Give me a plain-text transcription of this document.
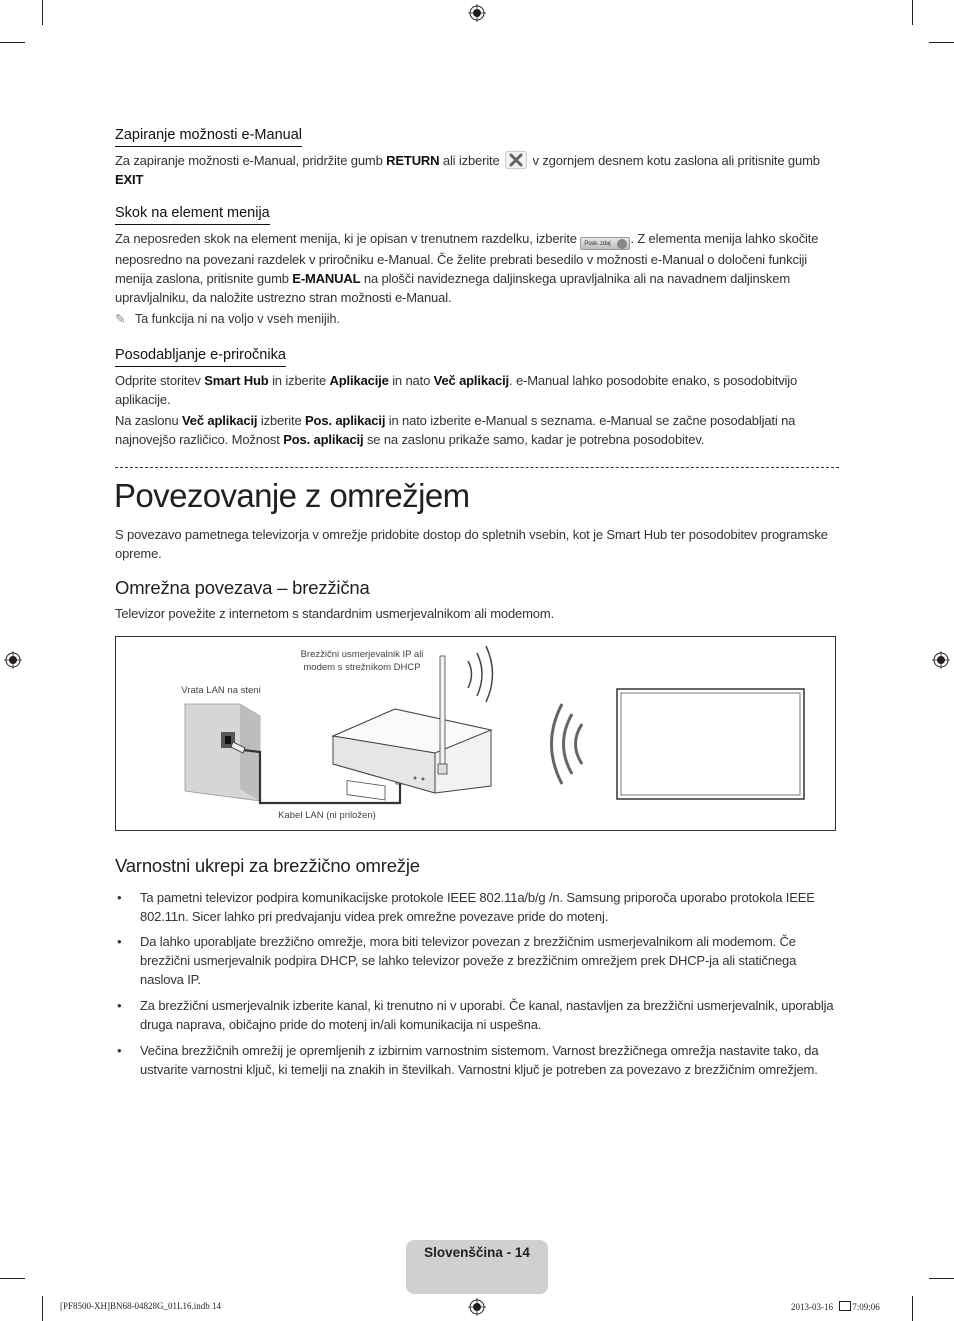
Zapiranje možnosti e-Manual
Za zapiranje možnosti e-Manual, pridržite gumb RETURN ali izberite  v zgornjem desnem kotu zaslona ali pritisnite gumb
EXIT
Skok na element menija
Za neposreden skok na element menija, ki je opisan v trenutnem razdelku, izberite Posk. zdaj . Z elementa menija lahko skočite neposredno na povezani razdelek v priročniku e-Manual. Če želite prebrati besedilo v možnosti e-Manual o določeni funkciji menija zaslona, pritisnite gumb E-MANUAL na plošči navideznega daljinskega upravljalnika ali na navadnem daljinskem upravljalniku, da naložite ustrezno stran možnosti e-Manual.
✎ Ta funkcija ni na voljo v vseh menijih.
Posodabljanje e-priročnika
Odprite storitev Smart Hub in izberite Aplikacije in nato Več aplikacij. e-Manual lahko posodobite enako, s posodobitvijo aplikacije.
Na zaslonu Več aplikacij izberite Pos. aplikacij in nato izberite e-Manual s seznama. e-Manual se začne posodabljati na najnovejšo različico. Možnost Pos. aplikacij se na zaslonu prikaže samo, kadar je potrebna posodobitev.
Povezovanje z omrežjem
S povezavo pametnega televizorja v omrežje pridobite dostop do spletnih vsebin, kot je Smart Hub ter posodobitev programske opreme.
Omrežna povezava – brezžična
Televizor povežite z internetom s standardnim usmerjevalnikom ali modemom.
Brezžični usmerjevalnik IP ali
modem s strežnikom DHCP
Vrata LAN na steni
Kabel LAN (ni priložen)
Varnostni ukrepi za brezžično omrežje
• Ta pametni televizor podpira komunikacijske protokole IEEE 802.11a/b/g /n. Samsung priporoča uporabo protokola IEEE 802.11n. Sicer lahko pri predvajanju videa prek omrežne povezave pride do motenj.
• Da lahko uporabljate brezžično omrežje, mora biti televizor povezan z brezžičnim usmerjevalnikom ali modemom. Če brezžični usmerjevalnik podpira DHCP, se lahko televizor poveže z brezžičnim omrežjem prek DHCP-ja ali statičnega naslova IP.
• Za brezžični usmerjevalnik izberite kanal, ki trenutno ni v uporabi. Če kanal, nastavljen za brezžični usmerjevalnik, uporablja druga naprava, običajno pride do motenj in/ali komunikacija ni uspešna.
• Večina brezžičnih omrežij je opremljenih z izbirnim varnostnim sistemom. Varnost brezžičnega omrežja nastavite tako, da ustvarite varnostni ključ, ki temelji na znakih in številkah. Varnostni ključ je potreben za povezavo z brezžičnim omrežjem.
Slovenščina - 14
[PF8500-XH]BN68-04828G_01L16.indb 14	2013-03-16 7:09:06
